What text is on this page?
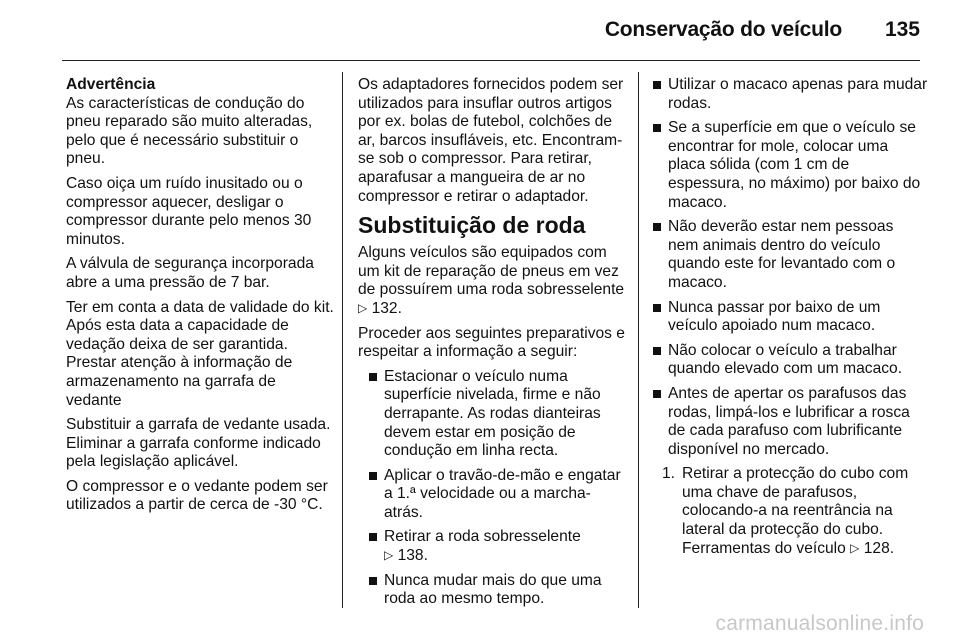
Conservação do veículo 135

Advertência
As características de condução do pneu reparado são muito alteradas, pelo que é necessário substituir o pneu.

Caso oiça um ruído inusitado ou o compressor aquecer, desligar o compressor durante pelo menos 30 minutos.

A válvula de segurança incorporada abre a uma pressão de 7 bar.

Ter em conta a data de validade do kit. Após esta data a capacidade de vedação deixa de ser garantida. Prestar atenção à informação de armazenamento na garrafa de vedante

Substituir a garrafa de vedante usada. Eliminar a garrafa conforme indicado pela legislação aplicável.

O compressor e o vedante podem ser utilizados a partir de cerca de -30 °C.

Os adaptadores fornecidos podem ser utilizados para insuflar outros artigos por ex. bolas de futebol, colchões de ar, barcos insufláveis, etc. Encontram-se sob o compressor. Para retirar, aparafusar a mangueira de ar no compressor e retirar o adaptador.

Substituição de roda

Alguns veículos são equipados com um kit de reparação de pneus em vez de possuírem uma roda sobresselente ▷ 132.

Proceder aos seguintes preparativos e respeitar a informação a seguir:

Estacionar o veículo numa superfície nivelada, firme e não derrapante. As rodas dianteiras devem estar em posição de condução em linha recta.
Aplicar o travão-de-mão e engatar a 1.ª velocidade ou a marcha-atrás.
Retirar a roda sobresselente
▷ 138.
Nunca mudar mais do que uma roda ao mesmo tempo.
Utilizar o macaco apenas para mudar rodas.
Se a superfície em que o veículo se encontrar for mole, colocar uma placa sólida (com 1 cm de espessura, no máximo) por baixo do macaco.
Não deverão estar nem pessoas nem animais dentro do veículo quando este for levantado com o macaco.
Nunca passar por baixo de um veículo apoiado num macaco.
Não colocar o veículo a trabalhar quando elevado com um macaco.
Antes de apertar os parafusos das rodas, limpá-los e lubrificar a rosca de cada parafuso com lubrificante disponível no mercado.
1. Retirar a protecção do cubo com uma chave de parafusos, colocando-a na reentrância na lateral da protecção do cubo. Ferramentas do veículo ▷ 128.
carmanualsonline.info
